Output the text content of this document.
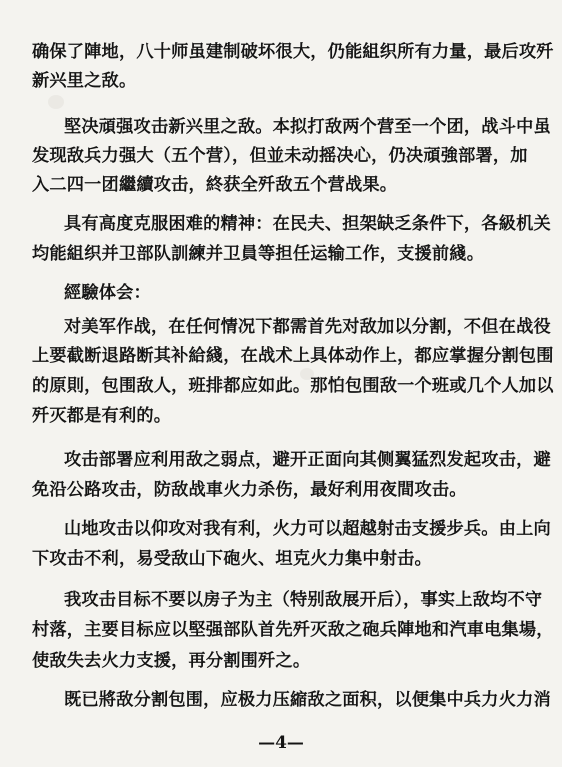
确保了陣地，八十师虽建制破坏很大，仍能組织所有力量，最后攻歼
新兴里之敌。
堅决頑强攻击新兴里之敌。本拟打敌两个营至一个团，战斗中虽
发现敌兵力强大（五个营），但並未动摇决心，仍决頑強部署，加
入二四一团繼續攻击，終获全歼敌五个营战果。
具有高度克服困难的精神：在民夫、担架缺乏条件下，各級机关
均能組织并卫部队訓練并卫員等担任运输工作，支援前綫。
經驗体会：
对美军作战，在任何情况下都需首先对敌加以分割，不但在战役
上要截断退路断其补給綫，在战术上具体动作上，都应掌握分割包围
的原則，包围敌人，班排都应如此。那怕包围敌一个班或几个人加以
歼灭都是有利的。
攻击部署应利用敌之弱点，避开正面向其侧翼猛烈发起攻击，避
免沿公路攻击，防敌战車火力杀伤，最好利用夜間攻击。
山地攻击以仰攻对我有利，火力可以超越射击支援步兵。由上向
下攻击不利，易受敌山下砲火、坦克火力集中射击。
我攻击目标不要以房子为主（特别敌展开后），事实上敌均不守
村落，主要目标应以堅强部队首先歼灭敌之砲兵陣地和汽車电集場，
使敌失去火力支援，再分割围歼之。
既已將敌分割包围，应极力压縮敌之面积，以便集中兵力火力消
—4—
